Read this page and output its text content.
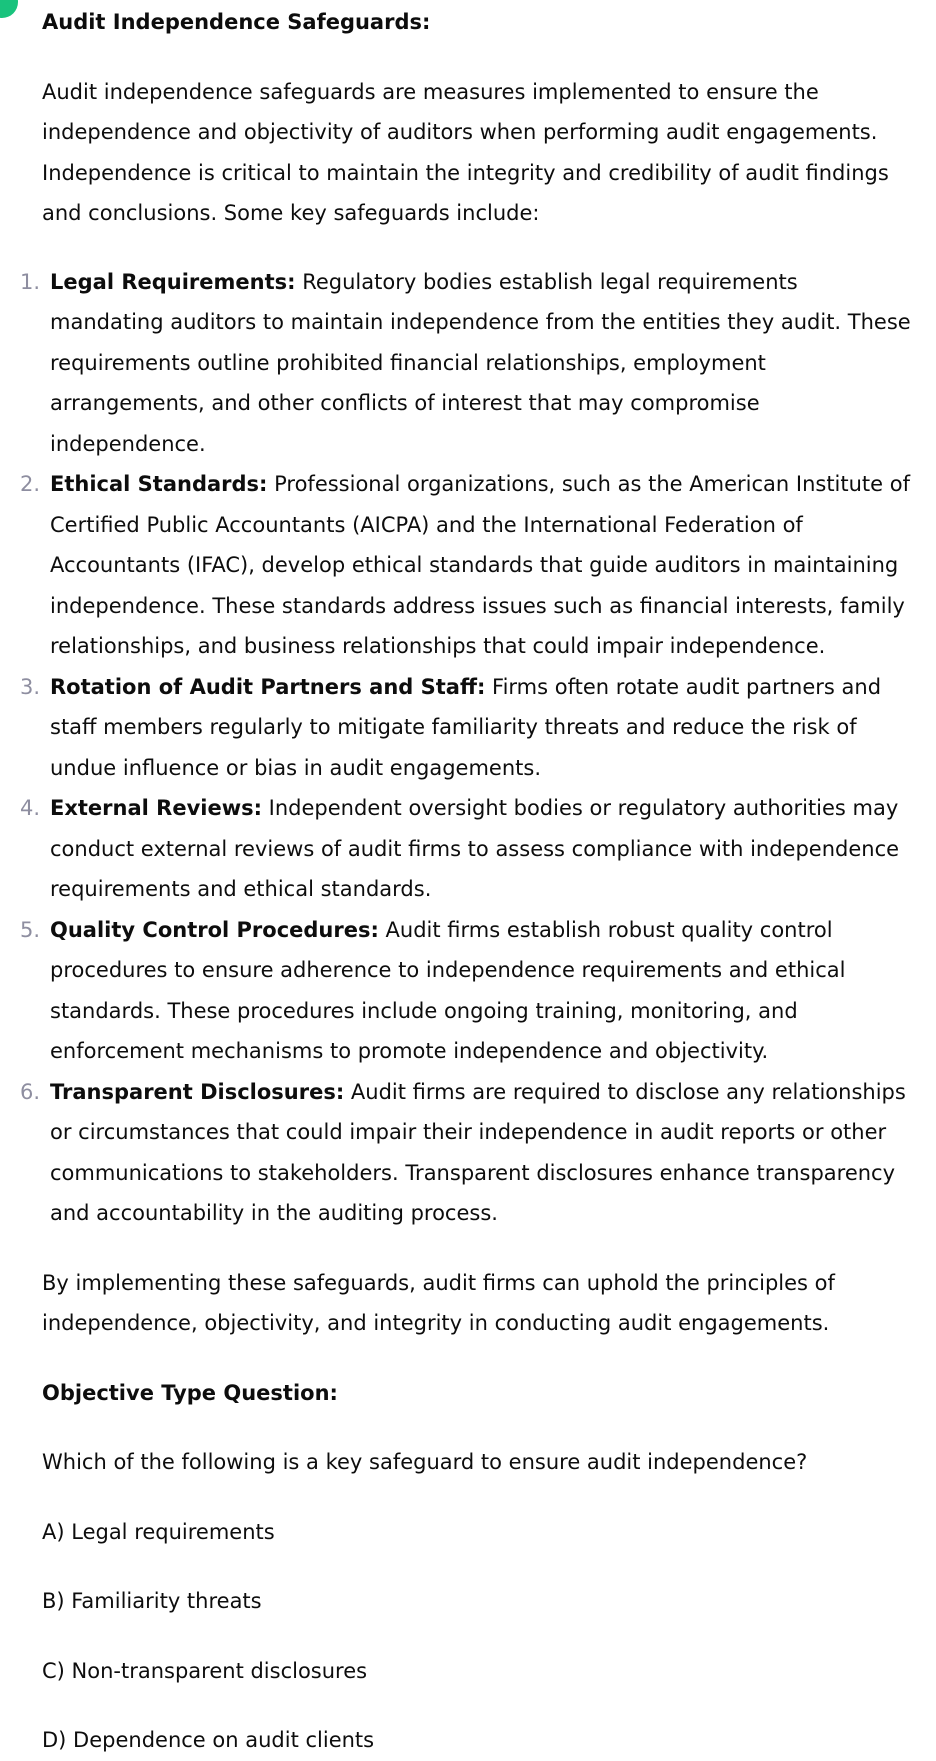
Audit Independence Safeguards:

Audit independence safeguards are measures implemented to ensure the independence and objectivity of auditors when performing audit engagements. Independence is critical to maintain the integrity and credibility of audit findings and conclusions. Some key safeguards include:

1. Legal Requirements: Regulatory bodies establish legal requirements mandating auditors to maintain independence from the entities they audit. These requirements outline prohibited financial relationships, employment arrangements, and other conflicts of interest that may compromise independence.
2. Ethical Standards: Professional organizations, such as the American Institute of Certified Public Accountants (AICPA) and the International Federation of Accountants (IFAC), develop ethical standards that guide auditors in maintaining independence. These standards address issues such as financial interests, family relationships, and business relationships that could impair independence.
3. Rotation of Audit Partners and Staff: Firms often rotate audit partners and staff members regularly to mitigate familiarity threats and reduce the risk of undue influence or bias in audit engagements.
4. External Reviews: Independent oversight bodies or regulatory authorities may conduct external reviews of audit firms to assess compliance with independence requirements and ethical standards.
5. Quality Control Procedures: Audit firms establish robust quality control procedures to ensure adherence to independence requirements and ethical standards. These procedures include ongoing training, monitoring, and enforcement mechanisms to promote independence and objectivity.
6. Transparent Disclosures: Audit firms are required to disclose any relationships or circumstances that could impair their independence in audit reports or other communications to stakeholders. Transparent disclosures enhance transparency and accountability in the auditing process.

By implementing these safeguards, audit firms can uphold the principles of independence, objectivity, and integrity in conducting audit engagements.

Objective Type Question:

Which of the following is a key safeguard to ensure audit independence?

A) Legal requirements

B) Familiarity threats

C) Non-transparent disclosures

D) Dependence on audit clients
